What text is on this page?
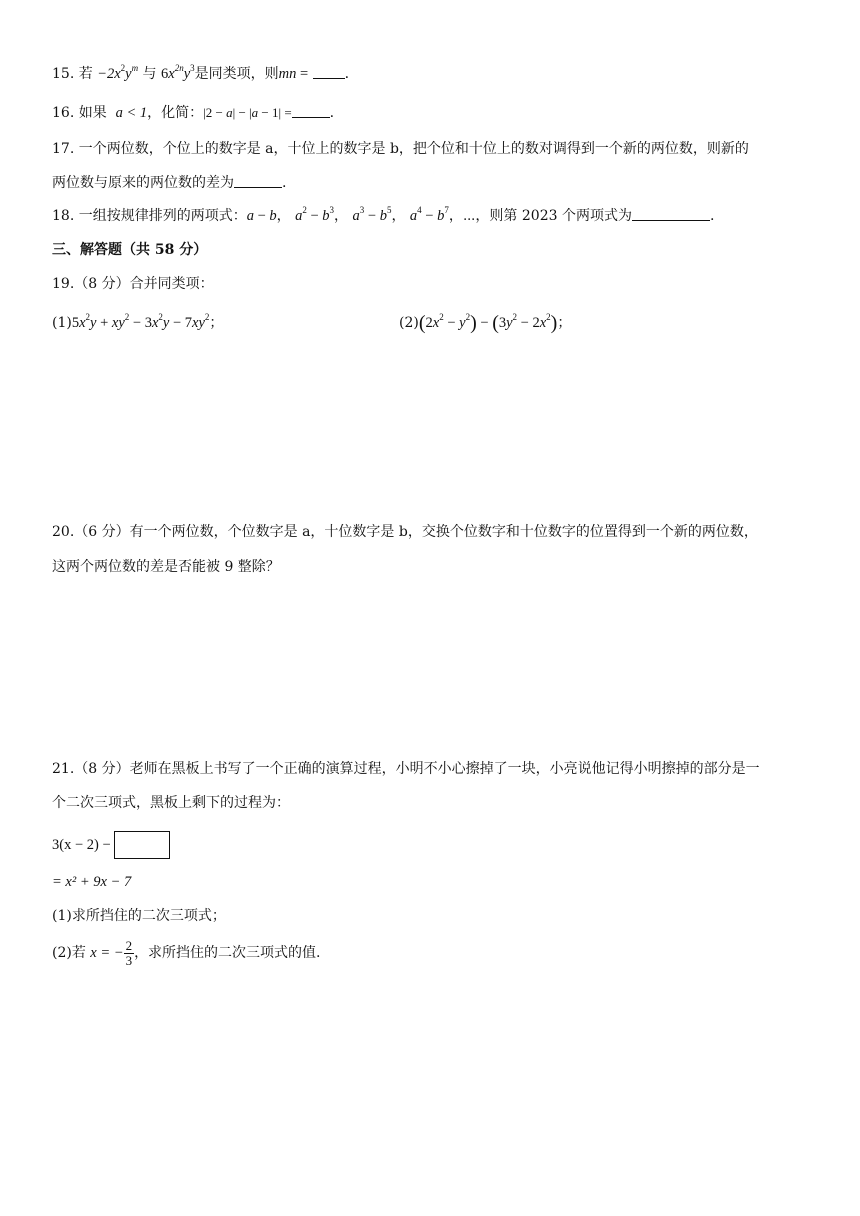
15. 若 $-2x^2y^m$ 与 $6x^{2n}y^3$是同类项，则mn =	.
16. 如果 a < 1，化简：|2 − a| − |a − 1| =	.
17. 一个两位数，个位上的数字是 a，十位上的数字是 b，把个位和十位上的数对调得到一个新的两位数，则新的
两位数与原来的两位数的差为	.
18. 一组按规律排列的两项式：a − b， $a^2 - b^3$， $a^3 - b^5$， $a^4 - b^7$，⋯，则第 2023 个两项式为	.
三、解答题（共 58 分）
19.（8 分）合并同类项：
$(1)5x^2y + xy^2 - 3x^2y - 7xy^2$；	$(2)(2x^2 - y^2) - (3y^2 - 2x^2)$；
20.（6 分）有一个两位数，个位数字是 a，十位数字是 b，交换个位数字和十位数字的位置得到一个新的两位数，
这两个两位数的差是否能被 9 整除？
21.（8 分）老师在黑板上书写了一个正确的演算过程，小明不小心擦掉了一块，小亮说他记得小明擦掉的部分是一
个二次三项式，黑板上剩下的过程为：
3(x − 2) −
= x² + 9x − 7
(1)求所挡住的二次三项式；
(2)若 x = − $\frac{2}{3}$ ，求所挡住的二次三项式的值.
